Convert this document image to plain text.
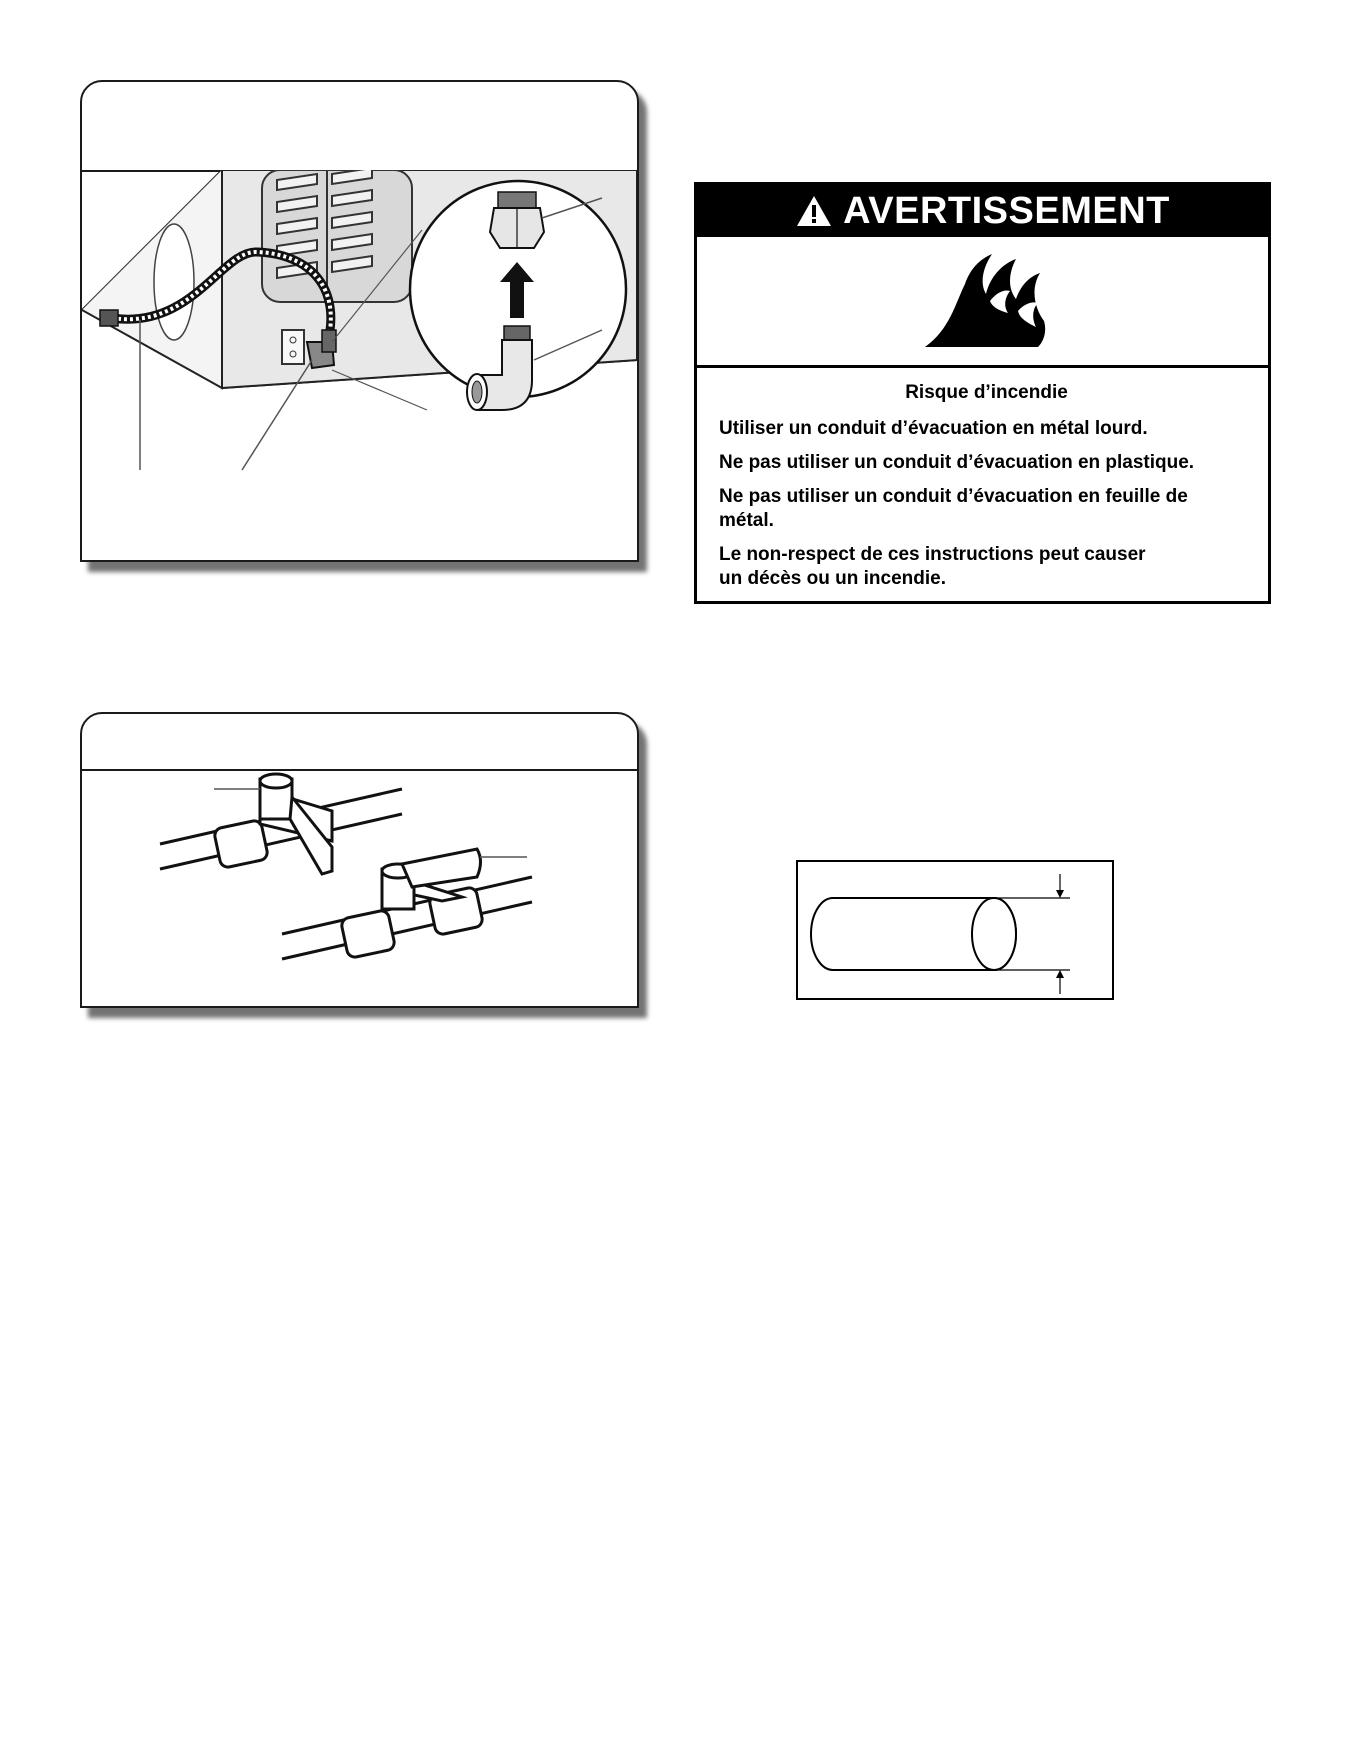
AVERTISSEMENT

Risque d’incendie

Utiliser un conduit d’évacuation en métal lourd.

Ne pas utiliser un conduit d’évacuation en plastique.

Ne pas utiliser un conduit d’évacuation en feuille de métal.

Le non-respect de ces instructions peut causer un décès ou un incendie.
